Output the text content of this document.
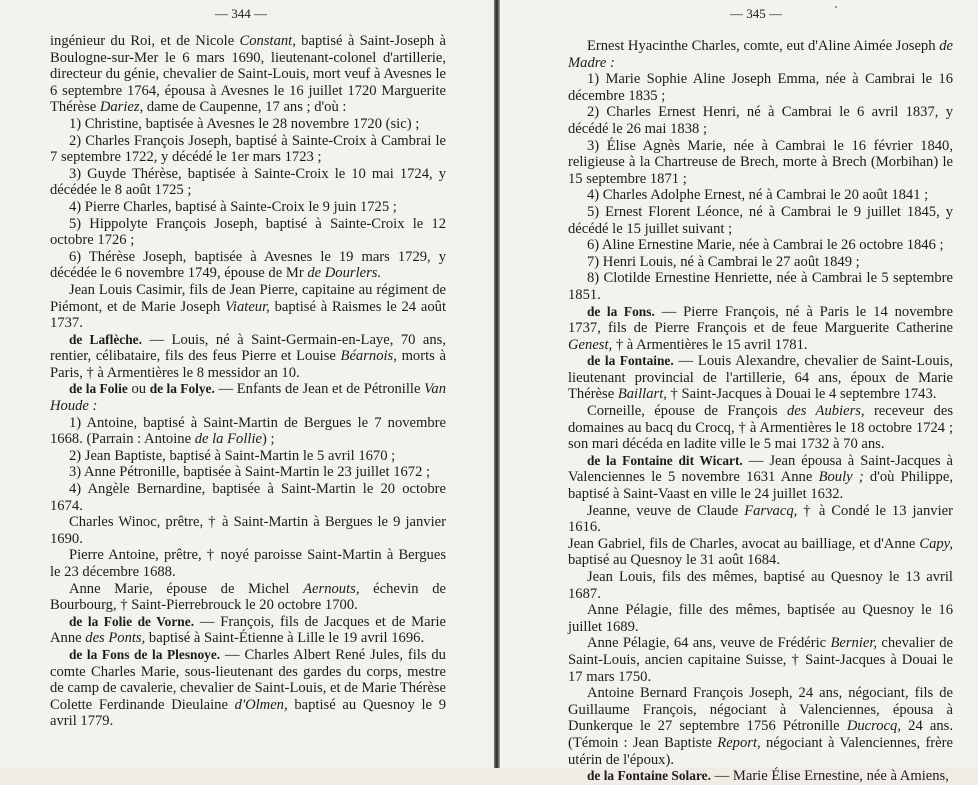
— 344 —	— 345 —

ingénieur du Roi, et de Nicole Constant, baptisé à Saint-Joseph à Boulogne-sur-Mer le 6 mars 1690, lieutenant-colonel d'artillerie, directeur du génie, chevalier de Saint-Louis, mort veuf à Avesnes le 6 septembre 1764, épousa à Avesnes le 16 juillet 1720 Marguerite Thérèse Dariez, dame de Caupenne, 17 ans ; d'où :

1) Christine, baptisée à Avesnes le 28 novembre 1720 (sic) ;

2) Charles François Joseph, baptisé à Sainte-Croix à Cambrai le 7 septembre 1722, y décédé le 1er mars 1723 ;

3) Guyde Thérèse, baptisée à Sainte-Croix le 10 mai 1724, y décédée le 8 août 1725 ;

4) Pierre Charles, baptisé à Sainte-Croix le 9 juin 1725 ;

5) Hippolyte François Joseph, baptisé à Sainte-Croix le 12 octobre 1726 ;

6) Thérèse Joseph, baptisée à Avesnes le 19 mars 1729, y décédée le 6 novembre 1749, épouse de Mr de Dourlers.

Jean Louis Casimir, fils de Jean Pierre, capitaine au régiment de Piémont, et de Marie Joseph Viateur, baptisé à Raismes le 24 août 1737.

de Laflèche. — Louis, né à Saint-Germain-en-Laye, 70 ans, rentier, célibataire, fils des feus Pierre et Louise Béarnois, morts à Paris, † à Armentières le 8 messidor an 10.

de la Folie ou de la Folye. — Enfants de Jean et de Pétronille Van Houde :

1) Antoine, baptisé à Saint-Martin de Bergues le 7 novembre 1668. (Parrain : Antoine de la Follie) ;

2) Jean Baptiste, baptisé à Saint-Martin le 5 avril 1670 ;

3) Anne Pétronille, baptisée à Saint-Martin le 23 juillet 1672 ;

4) Angèle Bernardine, baptisée à Saint-Martin le 20 octobre 1674.

Charles Winoc, prêtre, † à Saint-Martin à Bergues le 9 janvier 1690.

Pierre Antoine, prêtre, † noyé paroisse Saint-Martin à Bergues le 23 décembre 1688.

Anne Marie, épouse de Michel Aernouts, échevin de Bourbourg, † Saint-Pierrebrouck le 20 octobre 1700.

de la Folie de Vorne. — François, fils de Jacques et de Marie Anne des Ponts, baptisé à Saint-Étienne à Lille le 19 avril 1696.

de la Fons de la Plesnoye. — Charles Albert René Jules, fils du comte Charles Marie, sous-lieutenant des gardes du corps, mestre de camp de cavalerie, chevalier de Saint-Louis, et de Marie Thérèse Colette Ferdinande Dieulaine d'Olmen, baptisé au Quesnoy le 9 avril 1779.

Ernest Hyacinthe Charles, comte, eut d'Aline Aimée Joseph de Madre :

1) Marie Sophie Aline Joseph Emma, née à Cambrai le 16 décembre 1835 ;

2) Charles Ernest Henri, né à Cambrai le 6 avril 1837, y décédé le 26 mai 1838 ;

3) Élise Agnès Marie, née à Cambrai le 16 février 1840, religieuse à la Chartreuse de Brech, morte à Brech (Morbihan) le 15 septembre 1871 ;

4) Charles Adolphe Ernest, né à Cambrai le 20 août 1841 ;

5) Ernest Florent Léonce, né à Cambrai le 9 juillet 1845, y décédé le 15 juillet suivant ;

6) Aline Ernestine Marie, née à Cambrai le 26 octobre 1846 ;

7) Henri Louis, né à Cambrai le 27 août 1849 ;

8) Clotilde Ernestine Henriette, née à Cambrai le 5 septembre 1851.

de la Fons. — Pierre François, né à Paris le 14 novembre 1737, fils de Pierre François et de feue Marguerite Catherine Genest, † à Armentières le 15 avril 1781.

de la Fontaine. — Louis Alexandre, chevalier de Saint-Louis, lieutenant provincial de l'artillerie, 64 ans, époux de Marie Thérèse Baillart, † Saint-Jacques à Douai le 4 septembre 1743.

Corneille, épouse de François des Aubiers, receveur des domaines au bacq du Crocq, † à Armentières le 18 octobre 1724 ; son mari décéda en ladite ville le 5 mai 1732 à 70 ans.

de la Fontaine dit Wicart. — Jean épousa à Saint-Jacques à Valenciennes le 5 novembre 1631 Anne Bouly ; d'où Philippe, baptisé à Saint-Vaast en ville le 24 juillet 1632.

Jeanne, veuve de Claude Farvacq, † à Condé le 13 janvier 1616.

Jean Gabriel, fils de Charles, avocat au bailliage, et d'Anne Capy, baptisé au Quesnoy le 31 août 1684.

Jean Louis, fils des mêmes, baptisé au Quesnoy le 13 avril 1687.

Anne Pélagie, fille des mêmes, baptisée au Quesnoy le 16 juillet 1689.

Anne Pélagie, 64 ans, veuve de Frédéric Bernier, chevalier de Saint-Louis, ancien capitaine Suisse, † Saint-Jacques à Douai le 17 mars 1750.

Antoine Bernard François Joseph, 24 ans, négociant, fils de Guillaume François, négociant à Valenciennes, épousa à Dunkerque le 27 septembre 1756 Pétronille Ducrocq, 24 ans. (Témoin : Jean Baptiste Report, négociant à Valenciennes, frère utérin de l'époux).

de la Fontaine Solare. — Marie Élise Ernestine, née à Amiens,
